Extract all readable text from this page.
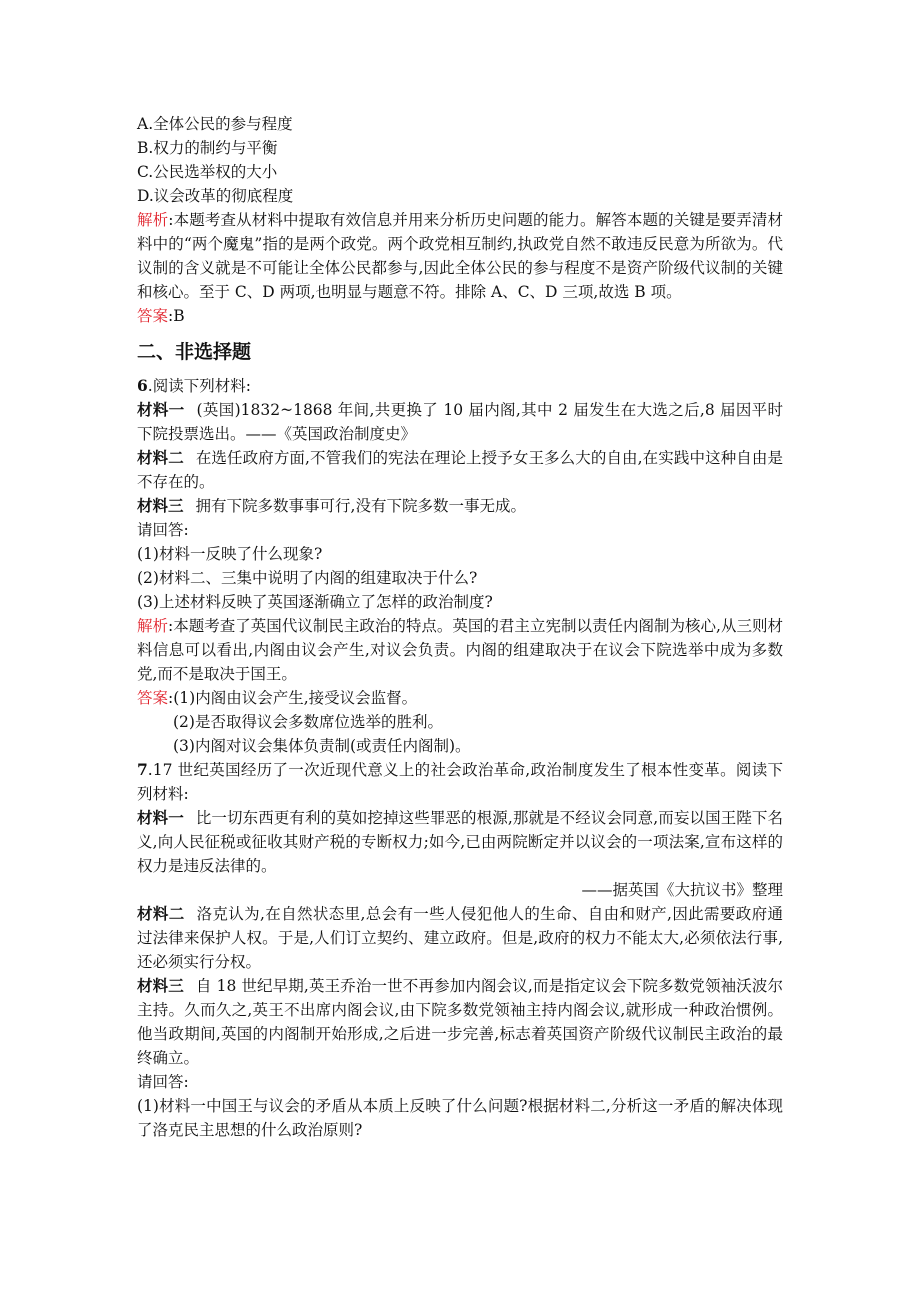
A.全体公民的参与程度
B.权力的制约与平衡
C.公民选举权的大小
D.议会改革的彻底程度
解析:本题考查从材料中提取有效信息并用来分析历史问题的能力。解答本题的关键是要弄清材料中的“两个魔鬼”指的是两个政党。两个政党相互制约,执政党自然不敢违反民意为所欲为。代议制的含义就是不可能让全体公民都参与,因此全体公民的参与程度不是资产阶级代议制的关键和核心。至于 C、D 两项,也明显与题意不符。排除 A、C、D 三项,故选 B 项。
答案:B
二、非选择题
6.阅读下列材料:
材料一 (英国)1832~1868 年间,共更换了 10 届内阁,其中 2 届发生在大选之后,8 届因平时下院投票选出。——《英国政治制度史》
材料二 在选任政府方面,不管我们的宪法在理论上授予女王多么大的自由,在实践中这种自由是不存在的。
材料三 拥有下院多数事事可行,没有下院多数一事无成。
请回答:
(1)材料一反映了什么现象?
(2)材料二、三集中说明了内阁的组建取决于什么?
(3)上述材料反映了英国逐渐确立了怎样的政治制度?
解析:本题考查了英国代议制民主政治的特点。英国的君主立宪制以责任内阁制为核心,从三则材料信息可以看出,内阁由议会产生,对议会负责。内阁的组建取决于在议会下院选举中成为多数党,而不是取决于国王。
答案:(1)内阁由议会产生,接受议会监督。
(2)是否取得议会多数席位选举的胜利。
(3)内阁对议会集体负责制(或责任内阁制)。
7.17 世纪英国经历了一次近现代意义上的社会政治革命,政治制度发生了根本性变革。阅读下列材料:
材料一 比一切东西更有利的莫如挖掉这些罪恶的根源,那就是不经议会同意,而妄以国王陛下名义,向人民征税或征收其财产税的专断权力;如今,已由两院断定并以议会的一项法案,宣布这样的权力是违反法律的。
——据英国《大抗议书》整理
材料二 洛克认为,在自然状态里,总会有一些人侵犯他人的生命、自由和财产,因此需要政府通过法律来保护人权。于是,人们订立契约、建立政府。但是,政府的权力不能太大,必须依法行事,还必须实行分权。
材料三 自 18 世纪早期,英王乔治一世不再参加内阁会议,而是指定议会下院多数党领袖沃波尔主持。久而久之,英王不出席内阁会议,由下院多数党领袖主持内阁会议,就形成一种政治惯例。他当政期间,英国的内阁制开始形成,之后进一步完善,标志着英国资产阶级代议制民主政治的最终确立。
请回答:
(1)材料一中国王与议会的矛盾从本质上反映了什么问题?根据材料二,分析这一矛盾的解决体现了洛克民主思想的什么政治原则?
